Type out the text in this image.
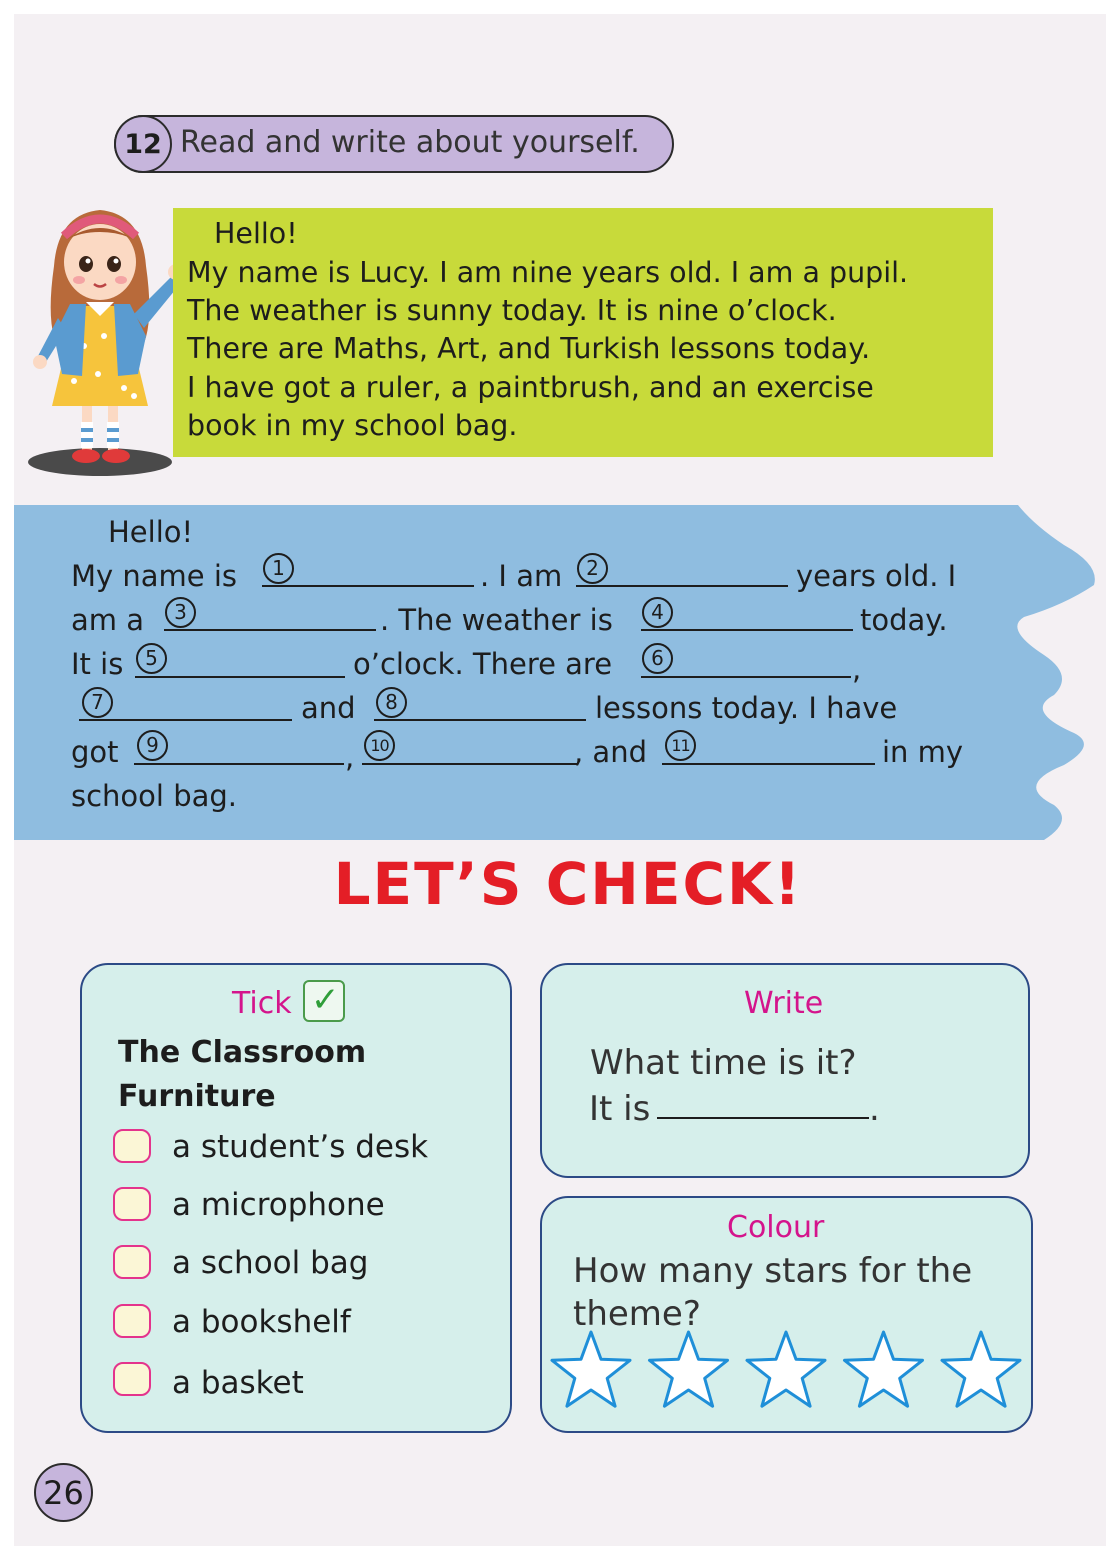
12 Read and write about yourself.
Hello!
My name is Lucy. I am nine years old. I am a pupil.
The weather is sunny today. It is nine o’clock.
There are Maths, Art, and Turkish lessons today.
I have got a ruler, a paintbrush, and an exercise
book in my school bag.
Hello!
My name is	1	. I am	2	years old. I
am a	3	. The weather is	4	today.
It is	5	o’clock. There are	6	,
7	and	8	lessons today. I have
got	9	,	10	, and	11	in my
school bag.
LET’S CHECK!
Tick ✓
The Classroom
Furniture
a student’s desk
a microphone
a school bag
a bookshelf
a basket
Write
What time is it?
It is	.
Colour
How many stars for the
theme?
26
